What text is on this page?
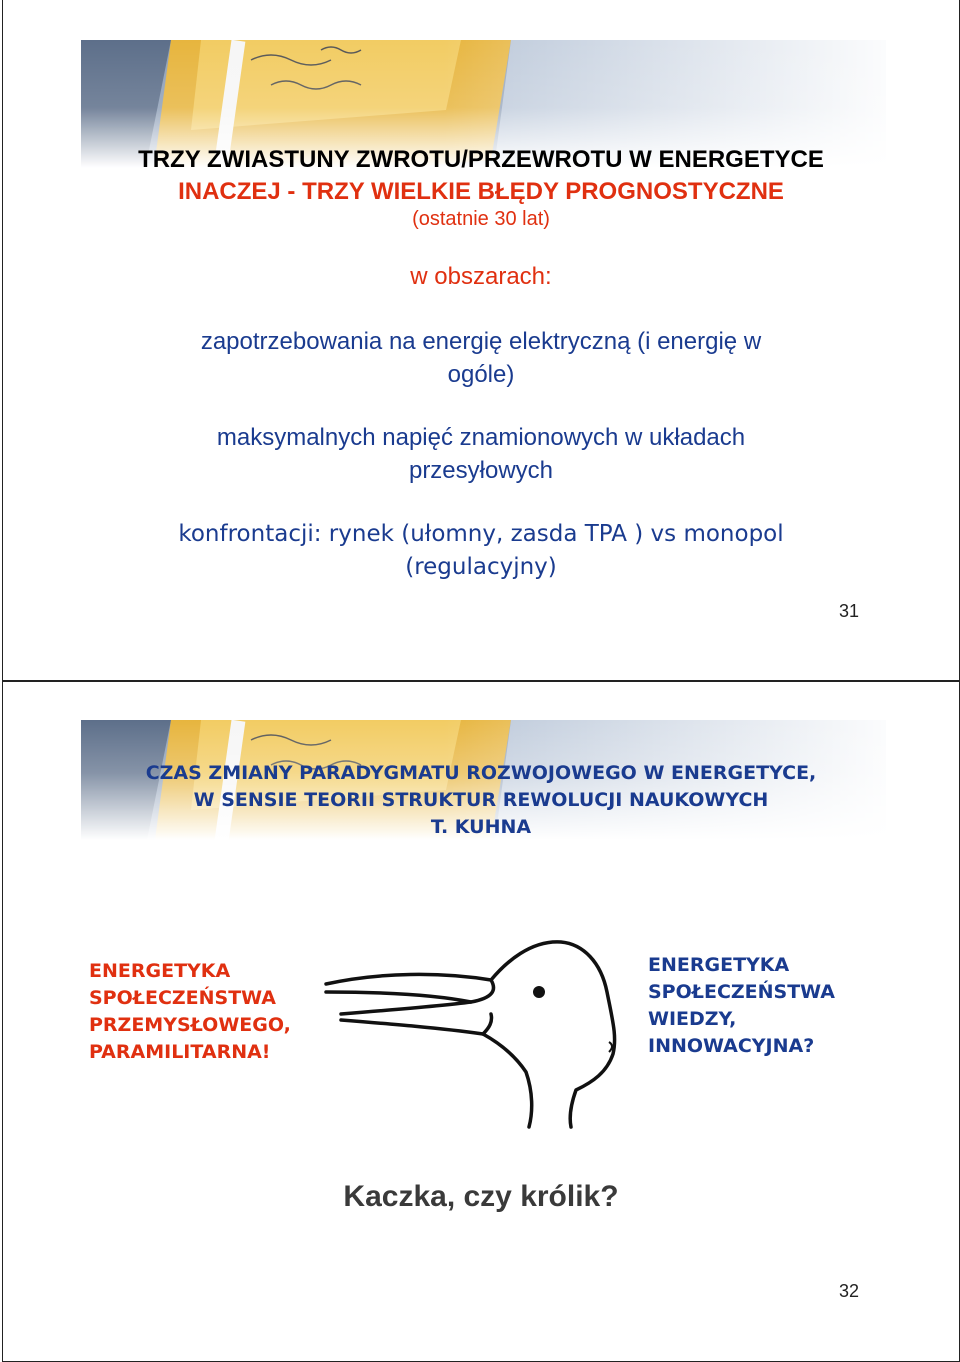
TRZY ZWIASTUNY ZWROTU/PRZEWROTU W ENERGETYCE
INACZEJ - TRZY WIELKIE BŁĘDY PROGNOSTYCZNE
(ostatnie 30 lat)
w obszarach:
zapotrzebowania na energię elektryczną (i energię w
ogóle)
maksymalnych napięć znamionowych w układach
przesyłowych
konfrontacji: rynek (ułomny, zasda TPA ) vs monopol
(regulacyjny)
31
CZAS ZMIANY PARADYGMATU ROZWOJOWEGO W ENERGETYCE,
W SENSIE TEORII STRUKTUR REWOLUCJI NAUKOWYCH
T. KUHNA
ENERGETYKA
SPOŁECZEŃSTWA
PRZEMYSŁOWEGO,
PARAMILITARNA!
ENERGETYKA
SPOŁECZEŃSTWA
WIEDZY,
INNOWACYJNA?
Kaczka, czy królik?
32
